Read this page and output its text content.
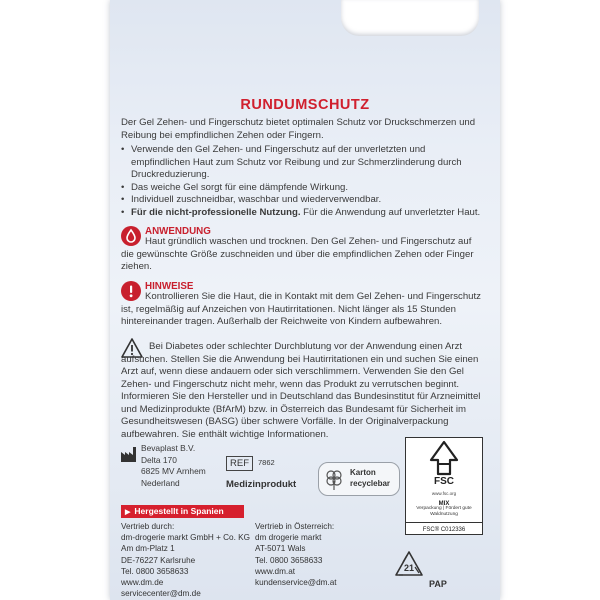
RUNDUMSCHUTZ
Der Gel Zehen- und Fingerschutz bietet optimalen Schutz vor Druckschmerzen und Reibung bei empfindlichen Zehen oder Fingern.
• Verwende den Gel Zehen- und Fingerschutz auf der unverletzten und empfindlichen Haut zum Schutz vor Reibung und zur Schmerzlinderung durch Druckreduzierung.
• Das weiche Gel sorgt für eine dämpfende Wirkung.
• Individuell zuschneidbar, waschbar und wiederverwendbar.
• Für die nicht-professionelle Nutzung. Für die Anwendung auf unverletzter Haut.
ANWENDUNG
Haut gründlich waschen und trocknen. Den Gel Zehen- und Fingerschutz auf die gewünschte Größe zuschneiden und über die empfindlichen Zehen oder Finger ziehen.
HINWEISE
Kontrollieren Sie die Haut, die in Kontakt mit dem Gel Zehen- und Fingerschutz ist, regelmäßig auf Anzeichen von Hautirritationen. Nicht länger als 15 Stunden hintereinander tragen. Außerhalb der Reichweite von Kindern aufbewahren.
Bei Diabetes oder schlechter Durchblutung vor der Anwendung einen Arzt aufsuchen. Stellen Sie die Anwendung bei Hautirritationen ein und suchen Sie einen Arzt auf, wenn diese andauern oder sich verschlimmern. Verwenden Sie den Gel Zehen- und Fingerschutz nicht mehr, wenn das Produkt zu verrutschen beginnt. Informieren Sie den Hersteller und in Deutschland das Bundesinstitut für Arzneimittel und Medizinprodukte (BfArM) bzw. in Österreich das Bundesamt für Sicherheit im Gesundheitswesen (BASG) über schwere Vorfälle. In der Originalverpackung aufbewahren. Sie enthält wichtige Informationen.
Bevaplast B.V.
Delta 170
6825 MV Arnhem
Nederland
REF	7862
Medizinprodukt
Karton
recyclebar	FSC
www.fsc.org
MIX
Verpackung | Fördert gute Waldnutzung
FSC® C012336
▶ Hergestellt in Spanien
Vertrieb durch:
dm-drogerie markt GmbH + Co. KG
Am dm-Platz 1
DE-76227 Karlsruhe
Tel. 0800 3658633
www.dm.de
servicecenter@dm.de
Vertrieb in Österreich:
dm drogerie markt
AT-5071 Wals
Tel. 0800 3658633
www.dm.at
kundenservice@dm.at
21
PAP
